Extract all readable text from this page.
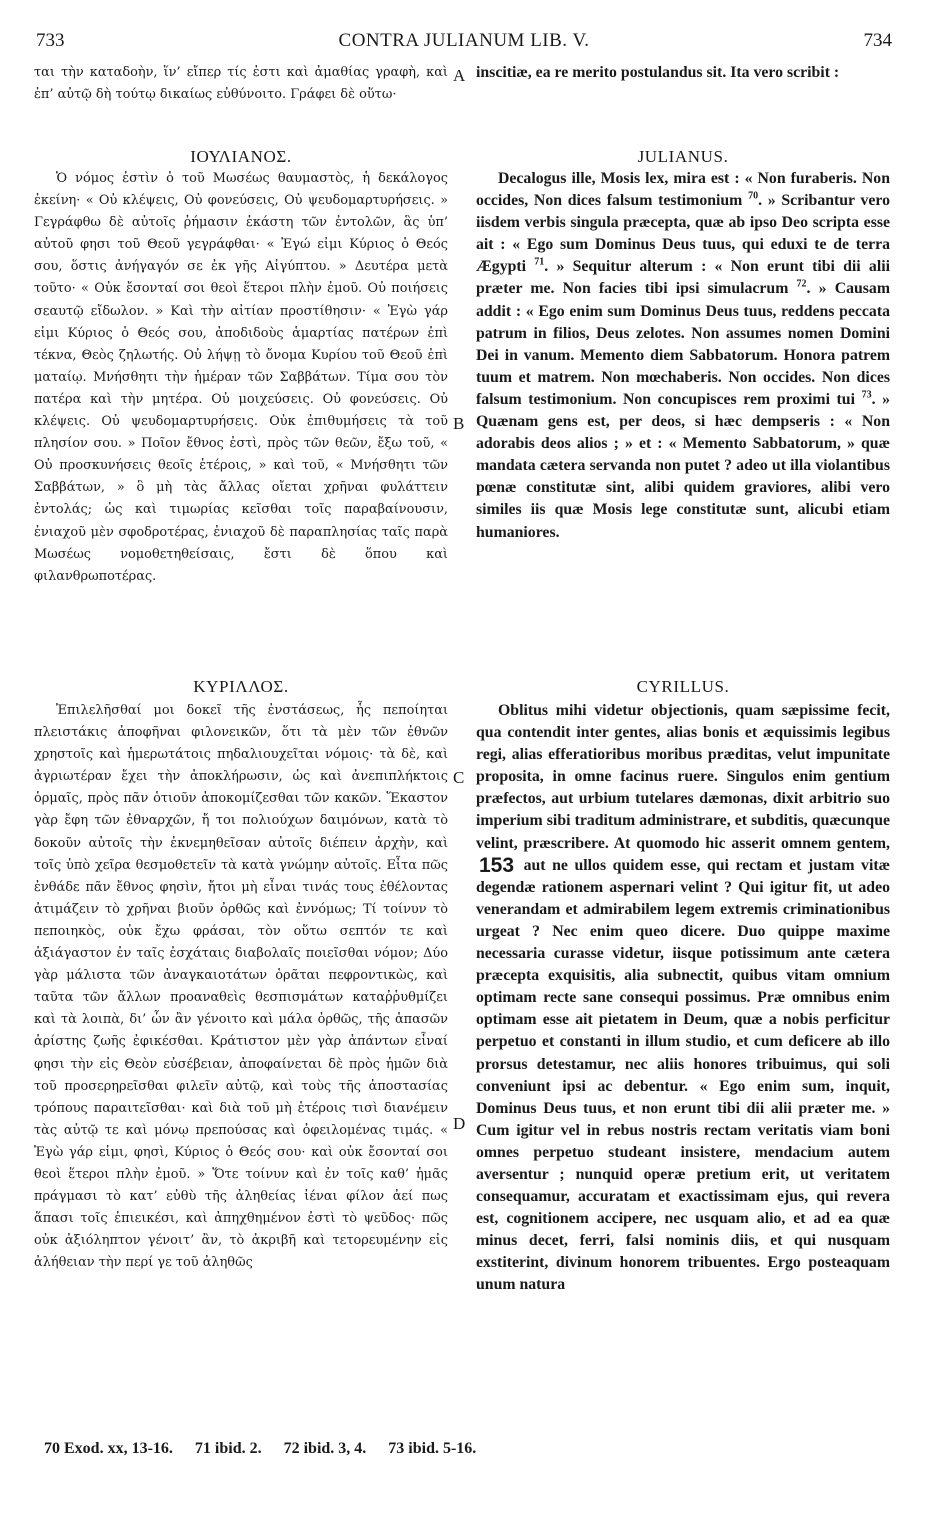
733	CONTRA JULIANUM LIB. V.	734

ται τὴν καταδοὴν, ἵν’ εἴπερ τίς ἐστι καὶ ἀμαθίας γραφὴ, καὶ ἐπ’ αὐτῷ δὴ τούτῳ δικαίως εὐθύνοιτο. Γράφει δὲ οὕτω·

ΙΟΥΛΙΑΝΟΣ.

Ὁ νόμος ἐστὶν ὁ τοῦ Μωσέως θαυμαστὸς, ἡ δεκάλογος ἐκείνη· « Οὐ κλέψεις, Οὐ φονεύσεις, Οὐ ψευδομαρτυρήσεις. » Γεγράφθω δὲ αὐτοῖς ῥήμασιν ἑκάστη τῶν ἐντολῶν, ἃς ὑπ’ αὐτοῦ φησι τοῦ Θεοῦ γεγράφθαι· « Ἐγώ εἰμι Κύριος ὁ Θεός σου, ὅστις ἀνήγαγόν σε ἐκ γῆς Αἰγύπτου. » Δευτέρα μετὰ τοῦτο· « Οὐκ ἔσονταί σοι θεοὶ ἕτεροι πλὴν ἐμοῦ. Οὐ ποιήσεις σεαυτῷ εἴδωλον. » Καὶ τὴν αἰτίαν προστίθησιν· « Ἐγὼ γάρ εἰμι Κύριος ὁ Θεός σου, ἀποδιδοὺς ἁμαρτίας πατέρων ἐπὶ τέκνα, Θεὸς ζηλωτής. Οὐ λήψῃ τὸ ὄνομα Κυρίου τοῦ Θεοῦ ἐπὶ ματαίῳ. Μνήσθητι τὴν ἡμέραν τῶν Σαββάτων. Τίμα σου τὸν πατέρα καὶ τὴν μητέρα. Οὐ μοιχεύσεις. Οὐ φονεύσεις. Οὐ κλέψεις. Οὐ ψευδομαρτυρήσεις. Οὐκ ἐπιθυμήσεις τὰ τοῦ πλησίον σου. » Ποῖον ἔθνος ἐστὶ, πρὸς τῶν θεῶν, ἔξω τοῦ, « Οὐ προσκυνήσεις θεοῖς ἑτέροις, » καὶ τοῦ, « Μνήσθητι τῶν Σαββάτων, » ὃ μὴ τὰς ἄλλας οἴεται χρῆναι φυλάττειν ἐντολάς; ὡς καὶ τιμωρίας κεῖσθαι τοῖς παραβαίνουσιν, ἐνιαχοῦ μὲν σφοδροτέρας, ἐνιαχοῦ δὲ παραπλησίας ταῖς παρὰ Μωσέως νομοθετηθείσαις, ἔστι δὲ ὅπου καὶ φιλανθρωποτέρας.

ΚΥΡΙΛΛΟΣ.

Ἐπιλελῆσθαί μοι δοκεῖ τῆς ἐνστάσεως, ἧς πεποίηται πλειστάκις ἀποφῆναι φιλονεικῶν, ὅτι τὰ μὲν τῶν ἐθνῶν χρηστοῖς καὶ ἡμερωτάτοις πηδαλιουχεῖται νόμοις· τὰ δὲ, καὶ ἀγριωτέραν ἔχει τὴν ἀποκλήρωσιν, ὡς καὶ ἀνεπιπλήκτοις ὁρμαῖς, πρὸς πᾶν ὁτιοῦν ἀποκομίζεσθαι τῶν κακῶν. Ἕκαστον γὰρ ἔφη τῶν ἐθναρχῶν, ἤ τοι πολιούχων δαιμόνων, κατὰ τὸ δοκοῦν αὐτοῖς τὴν ἐκνεμηθεῖσαν αὐτοῖς διέπειν ἀρχὴν, καὶ τοῖς ὑπὸ χεῖρα θεσμοθετεῖν τὰ κατὰ γνώμην αὐτοῖς. Εἶτα πῶς ἐνθάδε πᾶν ἔθνος φησὶν, ἤτοι μὴ εἶναι τινάς τους ἐθέλοντας ἀτιμάζειν τὸ χρῆναι βιοῦν ὀρθῶς καὶ ἐννόμως; Τί τοίνυν τὸ πεποιηκὸς, οὐκ ἔχω φράσαι, τὸν οὕτω σεπτόν τε καὶ ἀξιάγαστον ἐν ταῖς ἐσχάταις διαβολαῖς ποιεῖσθαι νόμον; Δύο γὰρ μάλιστα τῶν ἀναγκαιοτάτων ὁρᾶται πεφροντικὼς, καὶ ταῦτα τῶν ἄλλων προαναθεὶς θεσπισμάτων καταῤῥυθμίζει καὶ τὰ λοιπὰ, δι’ ὧν ἂν γένοιτο καὶ μάλα ὀρθῶς, τῆς ἁπασῶν ἀρίστης ζωῆς ἐφικέσθαι. Κράτιστον μὲν γὰρ ἁπάντων εἶναί φησι τὴν εἰς Θεὸν εὐσέβειαν, ἀποφαίνεται δὲ πρὸς ἡμῶν διὰ τοῦ προσερηρεῖσθαι φιλεῖν αὐτῷ, καὶ τοὺς τῆς ἀποστασίας τρόπους παραιτεῖσθαι· καὶ διὰ τοῦ μὴ ἑτέροις τισὶ διανέμειν τὰς αὐτῷ τε καὶ μόνῳ πρεπούσας καὶ ὀφειλομένας τιμάς. « Ἐγὼ γάρ εἰμι, φησὶ, Κύριος ὁ Θεός σου· καὶ οὐκ ἔσονταί σοι θεοὶ ἕτεροι πλὴν ἐμοῦ. » Ὅτε τοίνυν καὶ ἐν τοῖς καθ’ ἡμᾶς πράγμασι τὸ κατ’ εὐθὺ τῆς ἀληθείας ἰέναι φίλον ἀεί πως ἅπασι τοῖς ἐπιεικέσι, καὶ ἀπηχθημένον ἐστὶ τὸ ψεῦδος· πῶς οὐκ ἀξιόληπτον γένοιτ’ ἂν, τὸ ἀκριβῆ καὶ τετορευμένην εἰς ἀλήθειαν τὴν περί γε τοῦ ἀληθῶς

A
B
C
D

inscitiæ, ea re merito postulandus sit. Ita vero scribit :

JULIANUS.

Decalogus ille, Mosis lex, mira est : « Non furaberis. Non occides, Non dices falsum testimonium $^{70}$. » Scribantur vero iisdem verbis singula præcepta, quæ ab ipso Deo scripta esse ait : « Ego sum Dominus Deus tuus, qui eduxi te de terra Ægypti $^{71}$. » Sequitur alterum : « Non erunt tibi dii alii præter me. Non facies tibi ipsi simulacrum $^{72}$. » Causam addit : « Ego enim sum Dominus Deus tuus, reddens peccata patrum in filios, Deus zelotes. Non assumes nomen Domini Dei in vanum. Memento diem Sabbatorum. Honora patrem tuum et matrem. Non mœchaberis. Non occides. Non dices falsum testimonium. Non concupisces rem proximi tui $^{73}$. » Quænam gens est, per deos, si hæc dempseris : « Non adorabis deos alios ; » et : « Memento Sabbatorum, » quæ mandata cætera servanda non putet ? adeo ut illa violantibus pœnæ constitutæ sint, alibi quidem graviores, alibi vero similes iis quæ Mosis lege constitutæ sunt, alicubi etiam humaniores.

CYRILLUS.

Oblitus mihi videtur objectionis, quam sæpissime fecit, qua contendit inter gentes, alias bonis et æquissimis legibus regi, alias efferatioribus moribus præditas, velut impunitate proposita, in omne facinus ruere. Singulos enim gentium præfectos, aut urbium tutelares dæmonas, dixit arbitrio suo imperium sibi traditum administrare, et subditis, quæcunque velint, præscribere. At quomodo hic asserit omnem gentem, 153 aut ne ullos quidem esse, qui rectam et justam vitæ degendæ rationem aspernari velint ? Qui igitur fit, ut adeo venerandam et admirabilem legem extremis criminationibus urgeat ? Nec enim queo dicere. Duo quippe maxime necessaria curasse videtur, iisque potissimum ante cætera præcepta exquisitis, alia subnectit, quibus vitam omnium optimam recte sane consequi possimus. Præ omnibus enim optimam esse ait pietatem in Deum, quæ a nobis perficitur perpetuo et constanti in illum studio, et cum deficere ab illo prorsus detestamur, nec aliis honores tribuimus, qui soli conveniunt ipsi ac debentur. « Ego enim sum, inquit, Dominus Deus tuus, et non erunt tibi dii alii præter me. » Cum igitur vel in rebus nostris rectam veritatis viam boni omnes perpetuo studeant insistere, mendacium autem aversentur ; nunquid operæ pretium erit, ut veritatem consequamur, accuratam et exactissimam ejus, qui revera est, cognitionem accipere, nec usquam alio, et ad ea quæ minus decet, ferri, falsi nominis diis, et qui nusquam exstiterint, divinum honorem tribuentes. Ergo posteaquam unum natura

70 Exod. xx, 13-16. 71 ibid. 2. 72 ibid. 3, 4. 73 ibid. 5-16.
